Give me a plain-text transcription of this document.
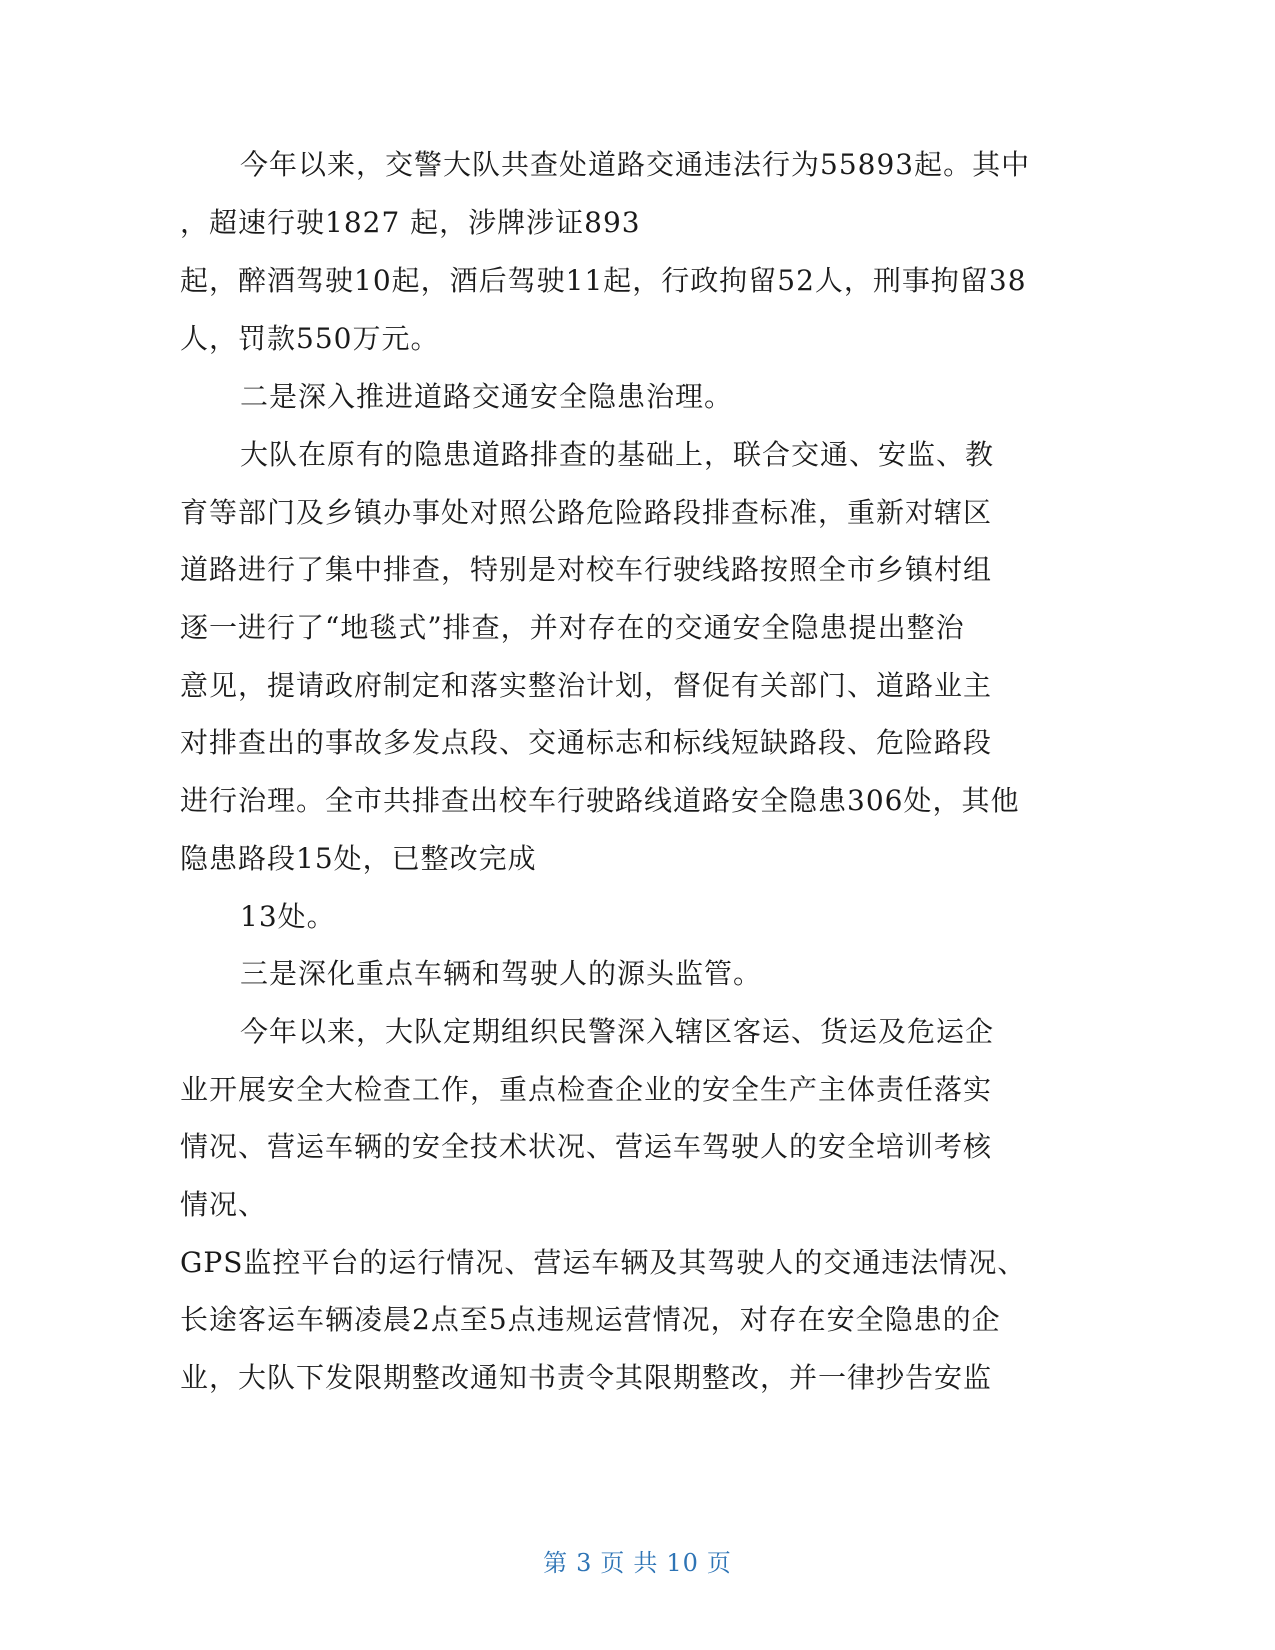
今年以来，交警大队共查处道路交通违法行为55893起。其中
，超速行驶1827 起，涉牌涉证893
起，醉酒驾驶10起，酒后驾驶11起，行政拘留52人，刑事拘留38
人，罚款550万元。
二是深入推进道路交通安全隐患治理。
大队在原有的隐患道路排查的基础上，联合交通、安监、教
育等部门及乡镇办事处对照公路危险路段排查标准，重新对辖区
道路进行了集中排查，特别是对校车行驶线路按照全市乡镇村组
逐一进行了“地毯式”排查，并对存在的交通安全隐患提出整治
意见，提请政府制定和落实整治计划，督促有关部门、道路业主
对排查出的事故多发点段、交通标志和标线短缺路段、危险路段
进行治理。全市共排查出校车行驶路线道路安全隐患306处，其他
隐患路段15处，已整改完成
13处。
三是深化重点车辆和驾驶人的源头监管。
今年以来，大队定期组织民警深入辖区客运、货运及危运企
业开展安全大检查工作，重点检查企业的安全生产主体责任落实
情况、营运车辆的安全技术状况、营运车驾驶人的安全培训考核
情况、
GPS监控平台的运行情况、营运车辆及其驾驶人的交通违法情况、
长途客运车辆凌晨2点至5点违规运营情况，对存在安全隐患的企
业，大队下发限期整改通知书责令其限期整改，并一律抄告安监
第 3 页 共 10 页
